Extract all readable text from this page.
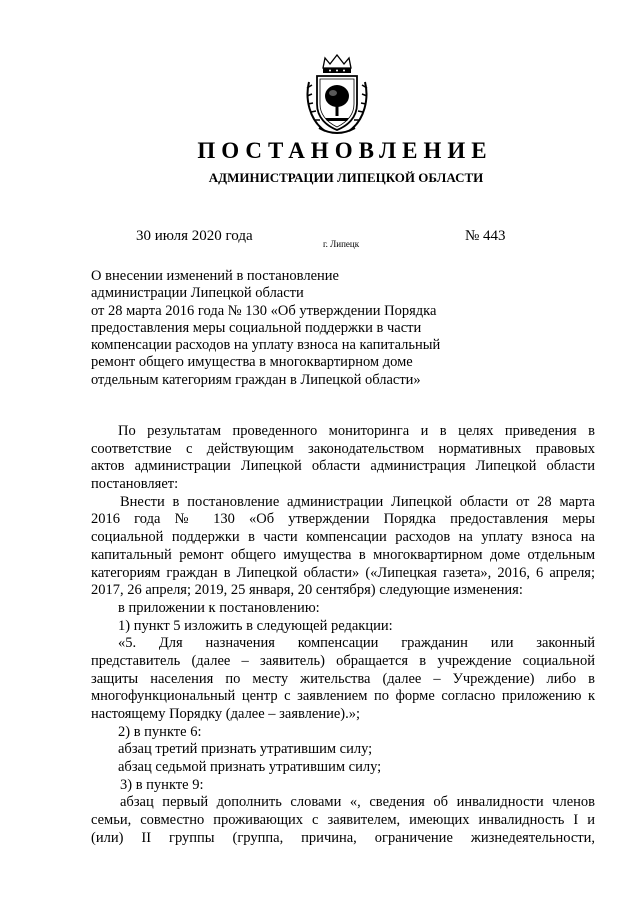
ПОСТАНОВЛЕНИЕ
АДМИНИСТРАЦИИ ЛИПЕЦКОЙ ОБЛАСТИ
30 июля 2020 года	г. Липецк	№ 443
О внесении изменений в постановление
администрации Липецкой области
от 28 марта 2016 года № 130 «Об утверждении Порядка
предоставления меры социальной поддержки в части
компенсации расходов на уплату взноса на капитальный
ремонт общего имущества в многоквартирном доме
отдельным категориям граждан в Липецкой области»
По результатам проведенного мониторинга и в целях приведения в
соответствие с действующим законодательством нормативных правовых
актов администрации Липецкой области администрация Липецкой области
постановляет:
Внести в постановление администрации Липецкой области от 28 марта
2016 года № 130 «Об утверждении Порядка предоставления меры
социальной поддержки в части компенсации расходов на уплату взноса на
капитальный ремонт общего имущества в многоквартирном доме отдельным
категориям граждан в Липецкой области» («Липецкая газета», 2016, 6 апреля;
2017, 26 апреля; 2019, 25 января, 20 сентября) следующие изменения:
в приложении к постановлению:
1) пункт 5 изложить в следующей редакции:
«5. Для назначения компенсации гражданин или законный
представитель (далее – заявитель) обращается в учреждение социальной
защиты населения по месту жительства (далее – Учреждение) либо в
многофункциональный центр с заявлением по форме согласно приложению к
настоящему Порядку (далее – заявление).»;
2) в пункте 6:
абзац третий признать утратившим силу;
абзац седьмой признать утратившим силу;
3) в пункте 9:
абзац первый дополнить словами «, сведения об инвалидности членов
семьи, совместно проживающих с заявителем, имеющих инвалидность I и
(или) II группы (группа, причина, ограничение жизнедеятельности,
